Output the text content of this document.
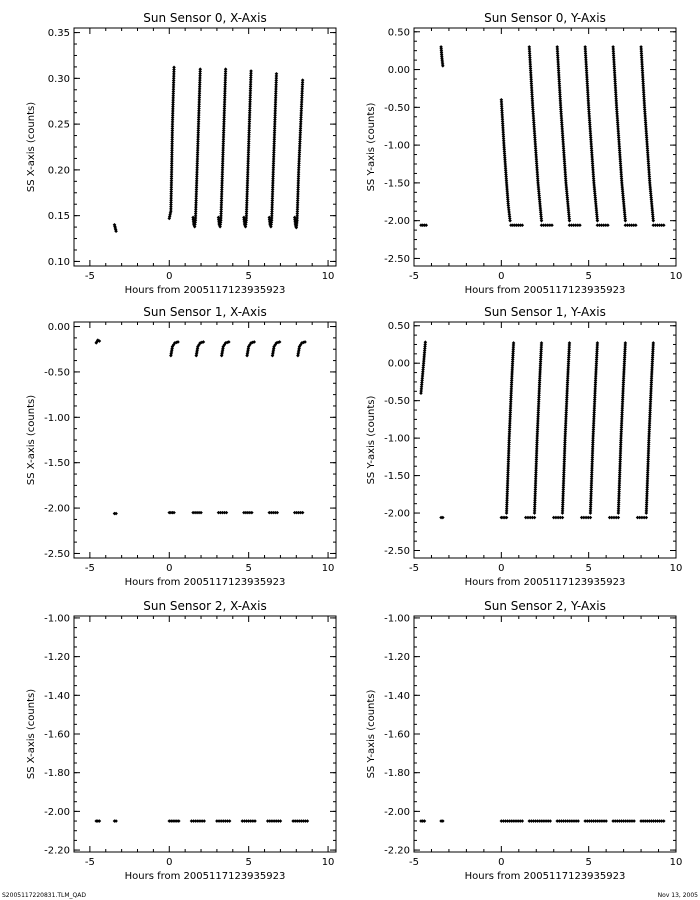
Sun Sensor 0, X-Axis
-5	0	5	10
0.10
0.15
0.20
0.25
0.30
0.35
Hours from 2005117123935923
SS X-axis (counts)
Sun Sensor 0, Y-Axis
-5	0	5	10
0.50
0.00
-0.50
-1.00
-1.50
-2.00
-2.50
Hours from 2005117123935923
SS Y-axis (counts)
Sun Sensor 1, X-Axis
-5	0	5	10
0.00
-0.50
-1.00
-1.50
-2.00
-2.50
Hours from 2005117123935923
SS X-axis (counts)
Sun Sensor 1, Y-Axis
-5	0	5	10
0.50
0.00
-0.50
-1.00
-1.50
-2.00
-2.50
Hours from 2005117123935923
SS Y-axis (counts)
Sun Sensor 2, X-Axis
-5	0	5	10
-1.00
-1.20
-1.40
-1.60
-1.80
-2.00
-2.20
Hours from 2005117123935923
SS X-axis (counts)
Sun Sensor 2, Y-Axis
-5	0	5	10
-1.00
-1.20
-1.40
-1.60
-1.80
-2.00
-2.20
Hours from 2005117123935923
SS Y-axis (counts)
S2005117220831.TLM_QAD	Nov 13, 2005
